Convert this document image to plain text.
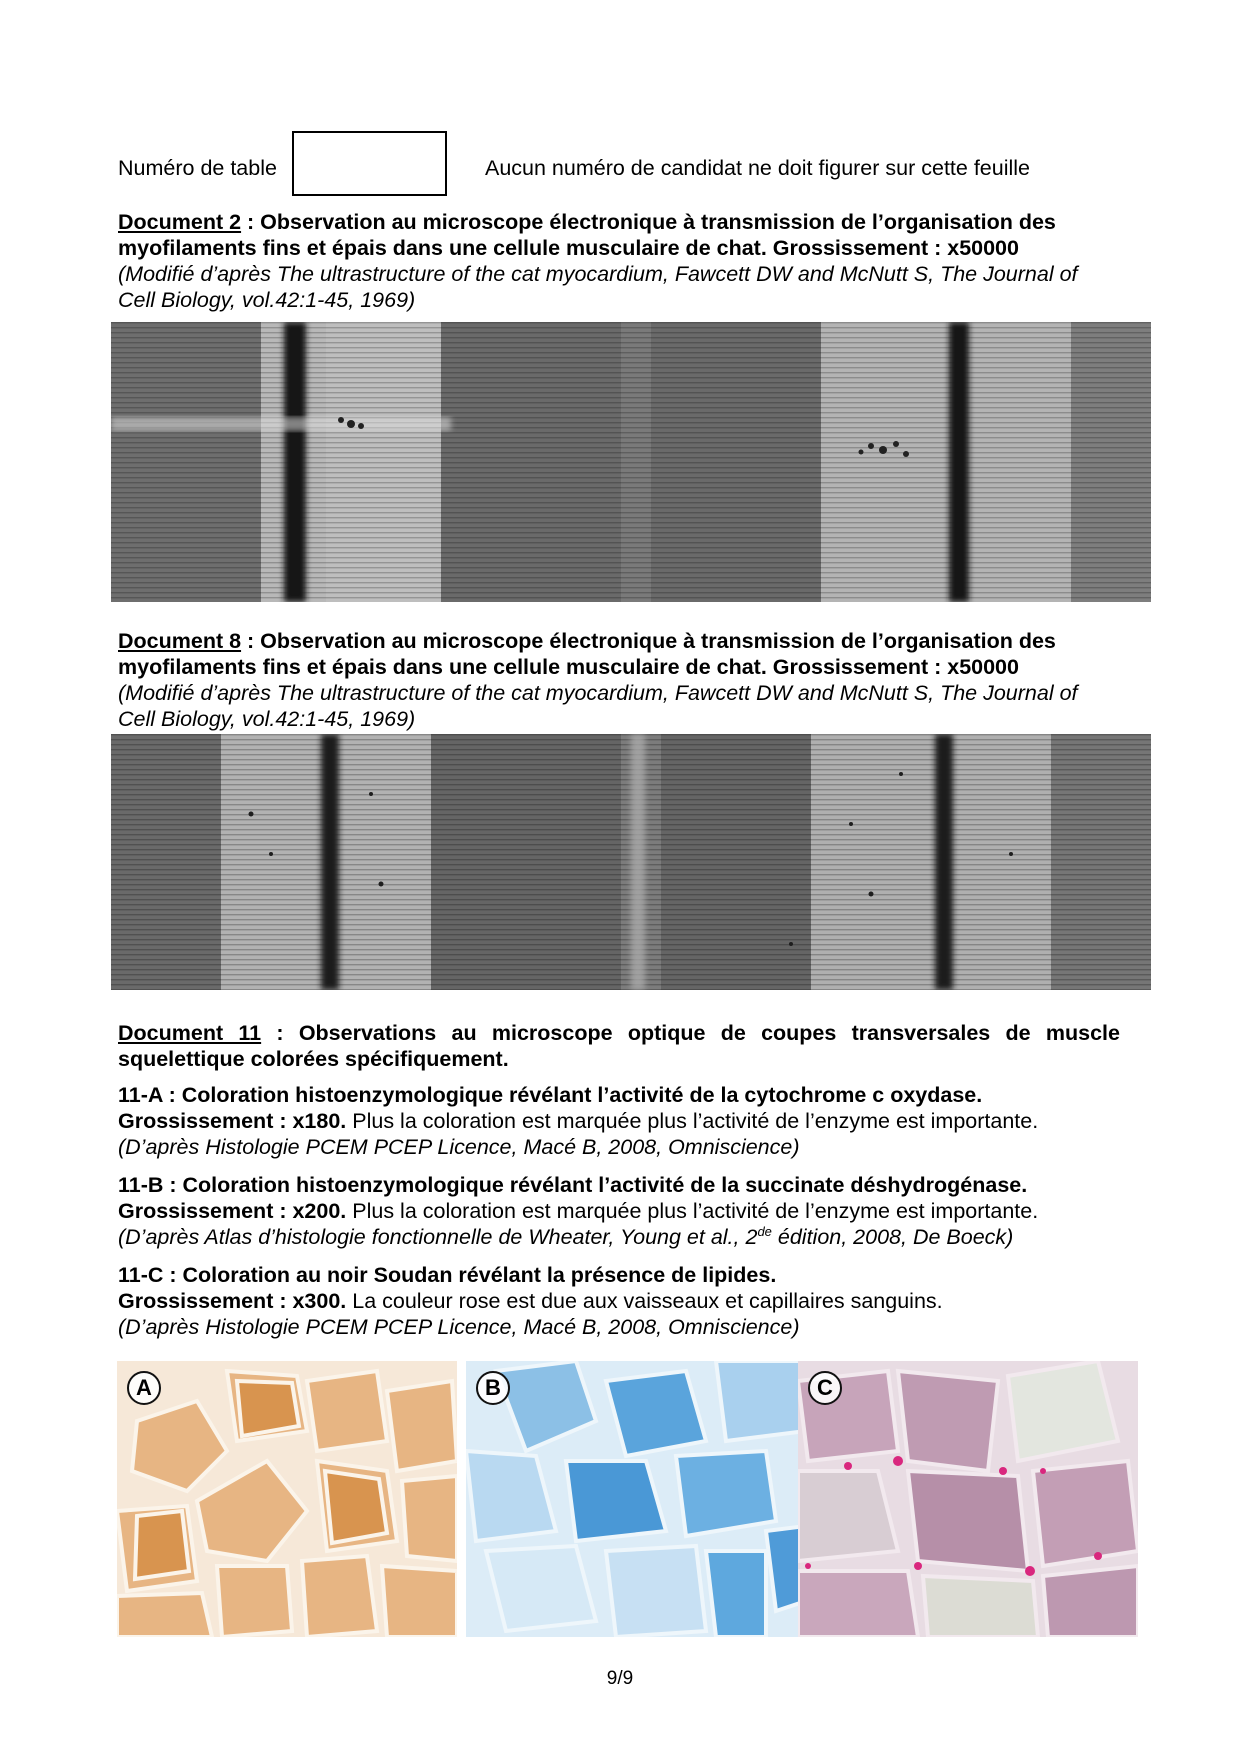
Numéro de table	Aucun numéro de candidat ne doit figurer sur cette feuille

Document 2 : Observation au microscope électronique à transmission de l’organisation des myofilaments fins et épais dans une cellule musculaire de chat. Grossissement : x50000

(Modifié d’après The ultrastructure of the cat myocardium, Fawcett DW and McNutt S, The Journal of Cell Biology, vol.42:1-45, 1969)

Document 8 : Observation au microscope électronique à transmission de l’organisation des myofilaments fins et épais dans une cellule musculaire de chat. Grossissement : x50000

(Modifié d’après The ultrastructure of the cat myocardium, Fawcett DW and McNutt S, The Journal of Cell Biology, vol.42:1-45, 1969)

Document 11 : Observations au microscope optique de coupes transversales de muscle squelettique colorées spécifiquement.

11-A : Coloration histoenzymologique révélant l’activité de la cytochrome c oxydase.

Grossissement : x180. Plus la coloration est marquée plus l’activité de l’enzyme est importante.

(D’après Histologie PCEM PCEP Licence, Macé B, 2008, Omniscience)

11-B : Coloration histoenzymologique révélant l’activité de la succinate déshydrogénase.

Grossissement : x200. Plus la coloration est marquée plus l’activité de l’enzyme est importante.

(D’après Atlas d’histologie fonctionnelle de Wheater, Young et al., 2de édition, 2008, De Boeck)

11-C : Coloration au noir Soudan révélant la présence de lipides.

Grossissement : x300. La couleur rose est due aux vaisseaux et capillaires sanguins.

(D’après Histologie PCEM PCEP Licence, Macé B, 2008, Omniscience)

A	B	C
9/9
